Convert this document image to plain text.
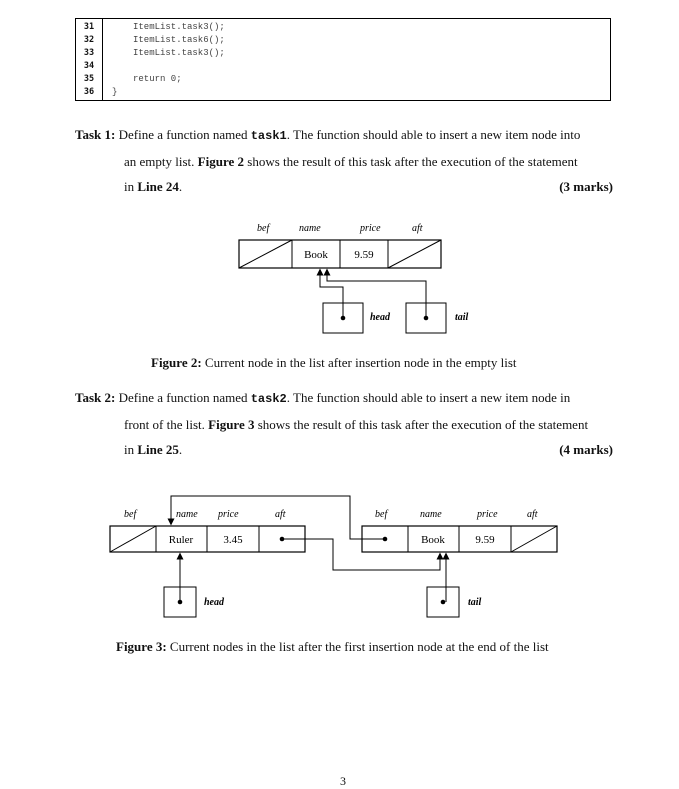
31	ItemList.task3();
32	ItemList.task6();
33	ItemList.task3();
34
35	return 0;
36	}

Task 1: Define a function named task1. The function should able to insert a new item node into

an empty list. Figure 2 shows the result of this task after the execution of the statement

in Line 24.	(3 marks)

bef	name	price	aft
Book 9.59
head	tail
bef	name price	aft
Ruler	3.45
bef	name	price	aft
Book	9.59
head	tail
Figure 2: Current node in the list after insertion node in the empty list

Task 2: Define a function named task2. The function should able to insert a new item node in

front of the list. Figure 3 shows the result of this task after the execution of the statement

in Line 25.	(4 marks)

Figure 3: Current nodes in the list after the first insertion node at the end of the list
3
